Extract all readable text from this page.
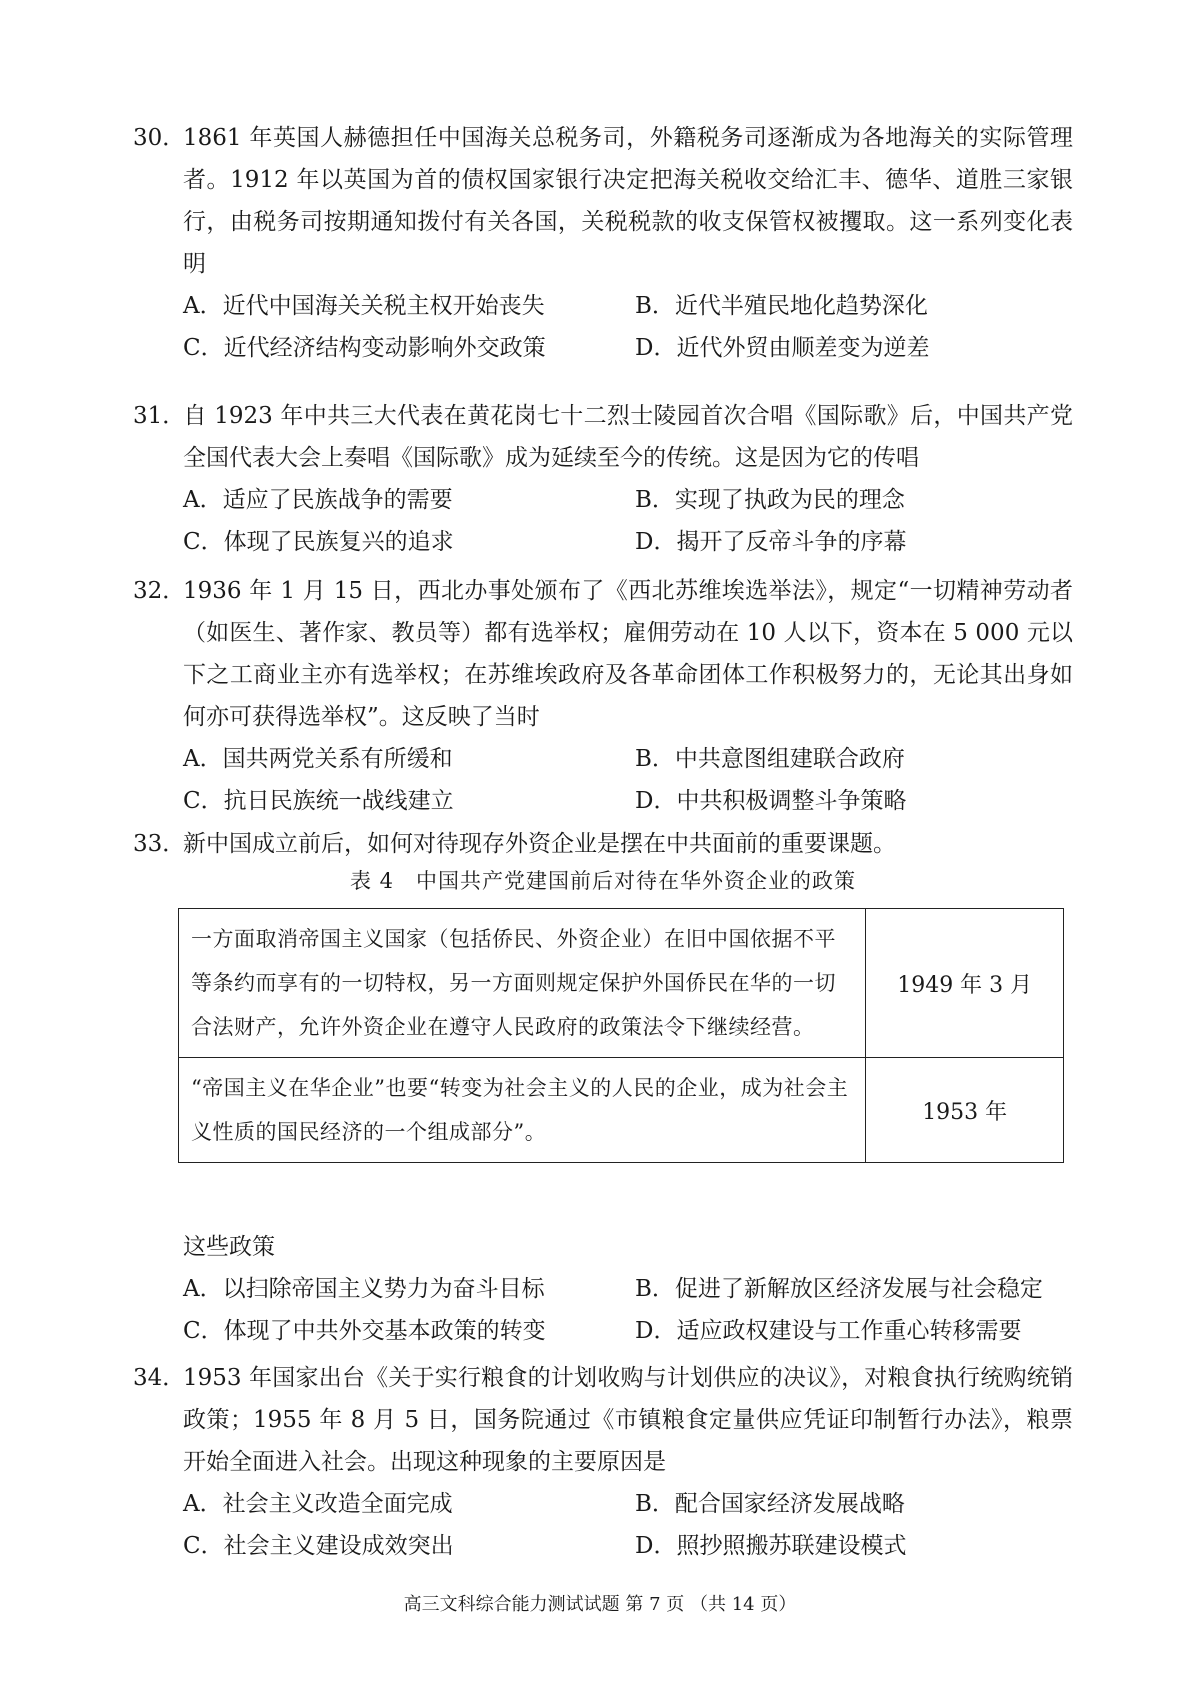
30．1861 年英国人赫德担任中国海关总税务司，外籍税务司逐渐成为各地海关的实际管理者。1912 年以英国为首的债权国家银行决定把海关税收交给汇丰、德华、道胜三家银行，由税务司按期通知拨付有关各国，关税税款的收支保管权被攫取。这一系列变化表明

A．近代中国海关关税主权开始丧失	B．近代半殖民地化趋势深化
C．近代经济结构变动影响外交政策	D．近代外贸由顺差变为逆差

31．自 1923 年中共三大代表在黄花岗七十二烈士陵园首次合唱《国际歌》后，中国共产党全国代表大会上奏唱《国际歌》成为延续至今的传统。这是因为它的传唱

A．适应了民族战争的需要	B．实现了执政为民的理念
C．体现了民族复兴的追求	D．揭开了反帝斗争的序幕

32．1936 年 1 月 15 日，西北办事处颁布了《西北苏维埃选举法》，规定“一切精神劳动者（如医生、著作家、教员等）都有选举权；雇佣劳动在 10 人以下，资本在 5 000 元以下之工商业主亦有选举权；在苏维埃政府及各革命团体工作积极努力的，无论其出身如何亦可获得选举权”。这反映了当时

A．国共两党关系有所缓和	B．中共意图组建联合政府
C．抗日民族统一战线建立	D．中共积极调整斗争策略

33．新中国成立前后，如何对待现存外资企业是摆在中共面前的重要课题。

表 4　中国共产党建国前后对待在华外资企业的政策
一方面取消帝国主义国家（包括侨民、外资企业）在旧中国依据不平等条约而享有的一切特权，另一方面则规定保护外国侨民在华的一切合法财产，允许外资企业在遵守人民政府的政策法令下继续经营。	1949 年 3 月
“帝国主义在华企业”也要“转变为社会主义的人民的企业，成为社会主义性质的国民经济的一个组成部分”。	1953 年
这些政策
A．以扫除帝国主义势力为奋斗目标	B．促进了新解放区经济发展与社会稳定
C．体现了中共外交基本政策的转变	D．适应政权建设与工作重心转移需要

34．1953 年国家出台《关于实行粮食的计划收购与计划供应的决议》，对粮食执行统购统销政策；1955 年 8 月 5 日，国务院通过《市镇粮食定量供应凭证印制暂行办法》，粮票开始全面进入社会。出现这种现象的主要原因是

A．社会主义改造全面完成	B．配合国家经济发展战略
C．社会主义建设成效突出	D．照抄照搬苏联建设模式
高三文科综合能力测试试题 第 7 页 （共 14 页）
